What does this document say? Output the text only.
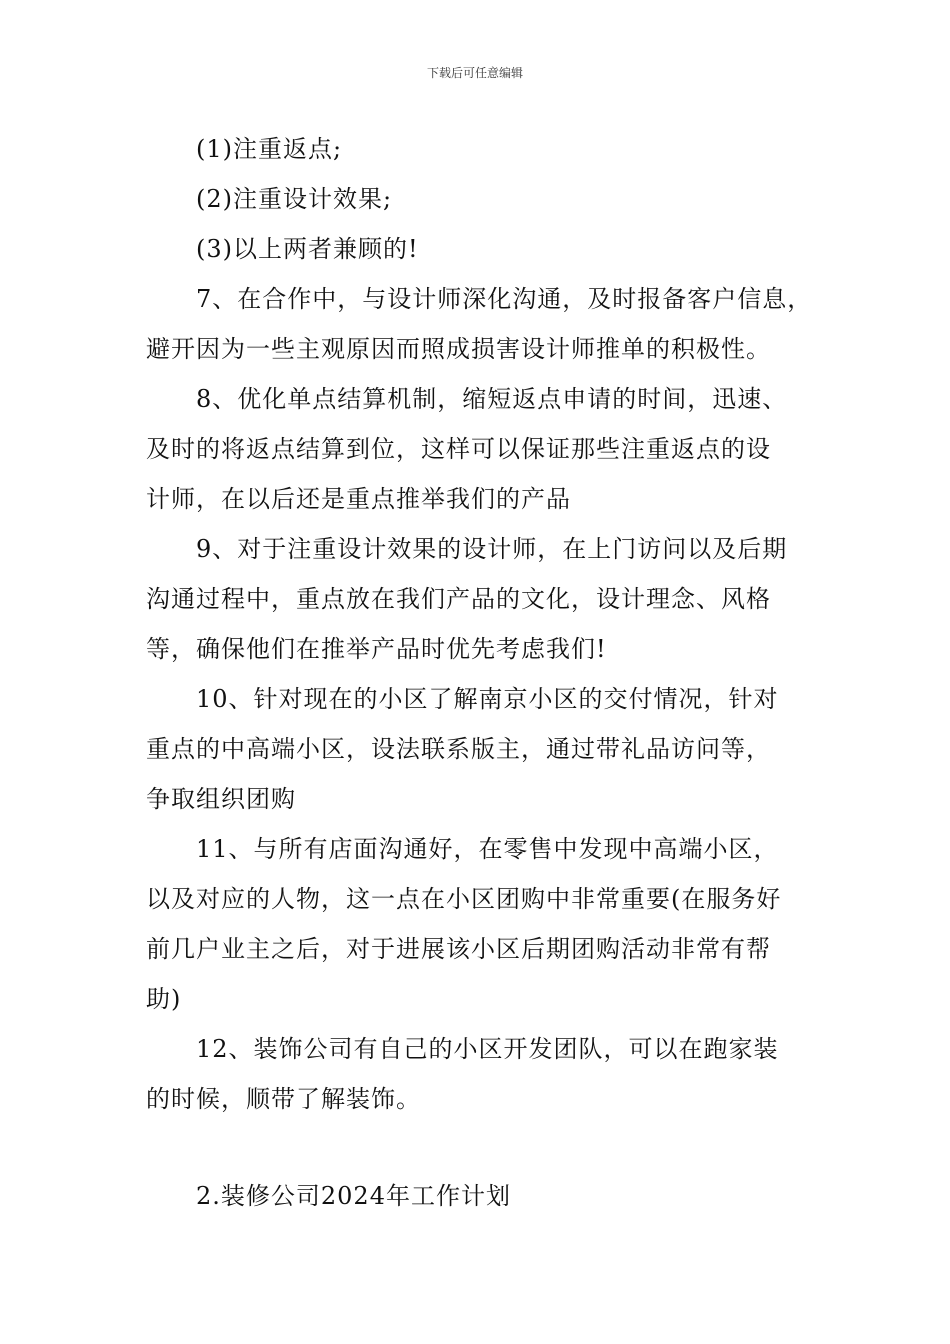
下载后可任意编辑
(1)注重返点;
(2)注重设计效果;
(3)以上两者兼顾的!
7、在合作中，与设计师深化沟通，及时报备客户信息，
避开因为一些主观原因而照成损害设计师推单的积极性。
8、优化单点结算机制，缩短返点申请的时间，迅速、
及时的将返点结算到位，这样可以保证那些注重返点的设
计师，在以后还是重点推举我们的产品
9、对于注重设计效果的设计师，在上门访问以及后期
沟通过程中，重点放在我们产品的文化，设计理念、风格
等，确保他们在推举产品时优先考虑我们!
10、针对现在的小区了解南京小区的交付情况，针对
重点的中高端小区，设法联系版主，通过带礼品访问等，
争取组织团购
11、与所有店面沟通好，在零售中发现中高端小区，
以及对应的人物，这一点在小区团购中非常重要(在服务好
前几户业主之后，对于进展该小区后期团购活动非常有帮
助)
12、装饰公司有自己的小区开发团队，可以在跑家装
的时候，顺带了解装饰。
2.装修公司2024年工作计划
